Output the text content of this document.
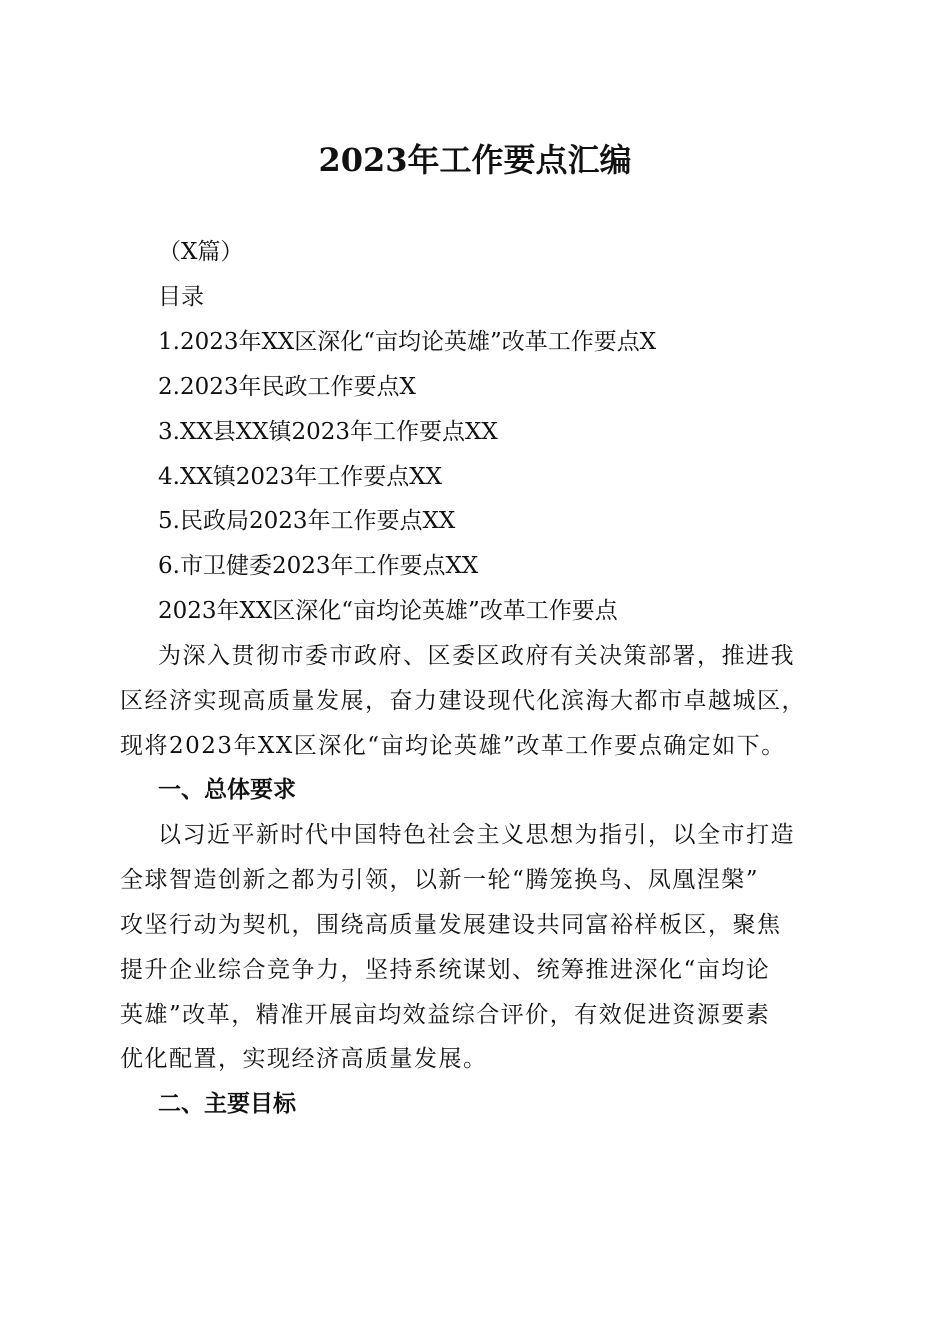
2023年工作要点汇编
（X篇）
目录
1.2023年XX区深化“亩均论英雄”改革工作要点X
2.2023年民政工作要点X
3.XX县XX镇2023年工作要点XX
4.XX镇2023年工作要点XX
5.民政局2023年工作要点XX
6.市卫健委2023年工作要点XX
2023年XX区深化“亩均论英雄”改革工作要点
为深入贯彻市委市政府、区委区政府有关决策部署，推进我
区经济实现高质量发展，奋力建设现代化滨海大都市卓越城区，
现将2023年XX区深化“亩均论英雄”改革工作要点确定如下。
一、总体要求
以习近平新时代中国特色社会主义思想为指引，以全市打造
全球智造创新之都为引领，以新一轮“腾笼换鸟、凤凰涅槃”
攻坚行动为契机，围绕高质量发展建设共同富裕样板区，聚焦
提升企业综合竞争力，坚持系统谋划、统筹推进深化“亩均论
英雄”改革，精准开展亩均效益综合评价，有效促进资源要素
优化配置，实现经济高质量发展。
二、主要目标
